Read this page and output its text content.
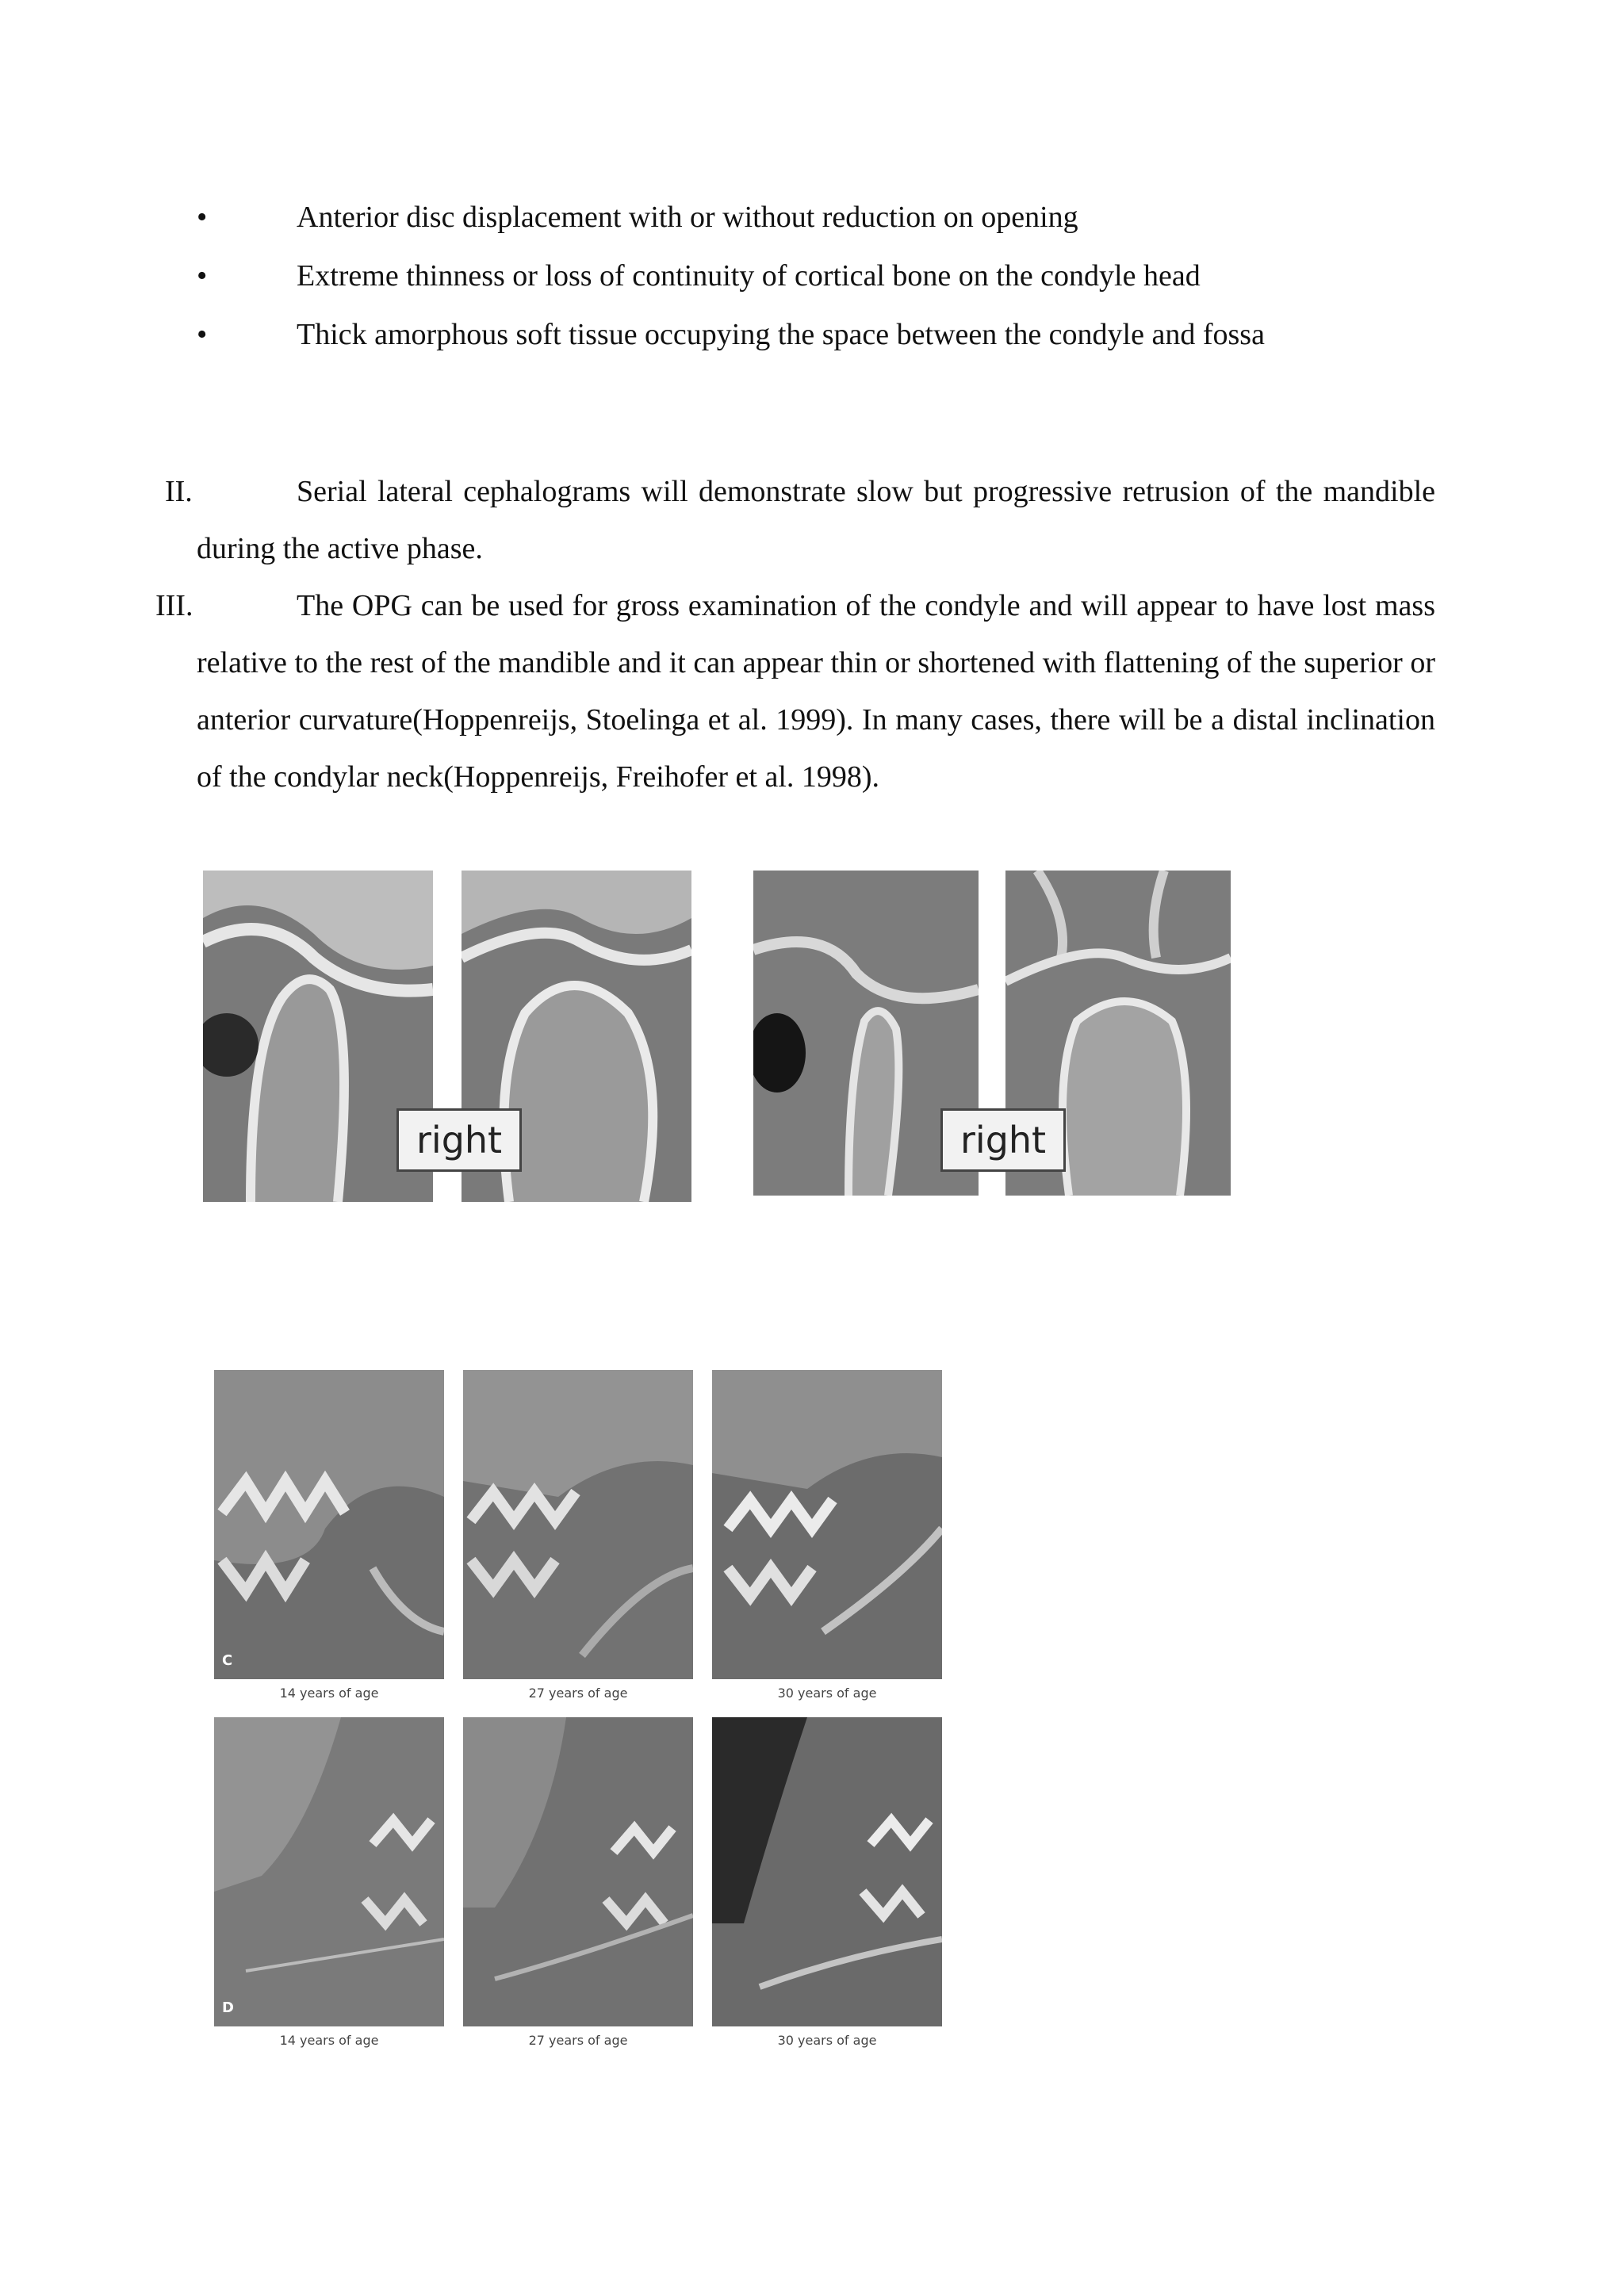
•	Anterior disc displacement with or without reduction on opening
•	Extreme thinness or loss of continuity of cortical bone on the condyle head
•	Thick amorphous soft tissue occupying the space between the condyle and fossa
II.	Serial lateral cephalograms will demonstrate slow but progressive retrusion of the mandible during the active phase.
III.	The OPG can be used for gross examination of the condyle and will appear to have lost mass relative to the rest of the mandible and it can appear thin or shortened with flattening of the superior or anterior curvature(Hoppenreijs, Stoelinga et al. 1999). In many cases, there will be a distal inclination of the condylar neck(Hoppenreijs, Freihofer et al. 1998).
right	right
C
14 years of age	27 years of age	30 years of age
D
14 years of age	27 years of age	30 years of age
